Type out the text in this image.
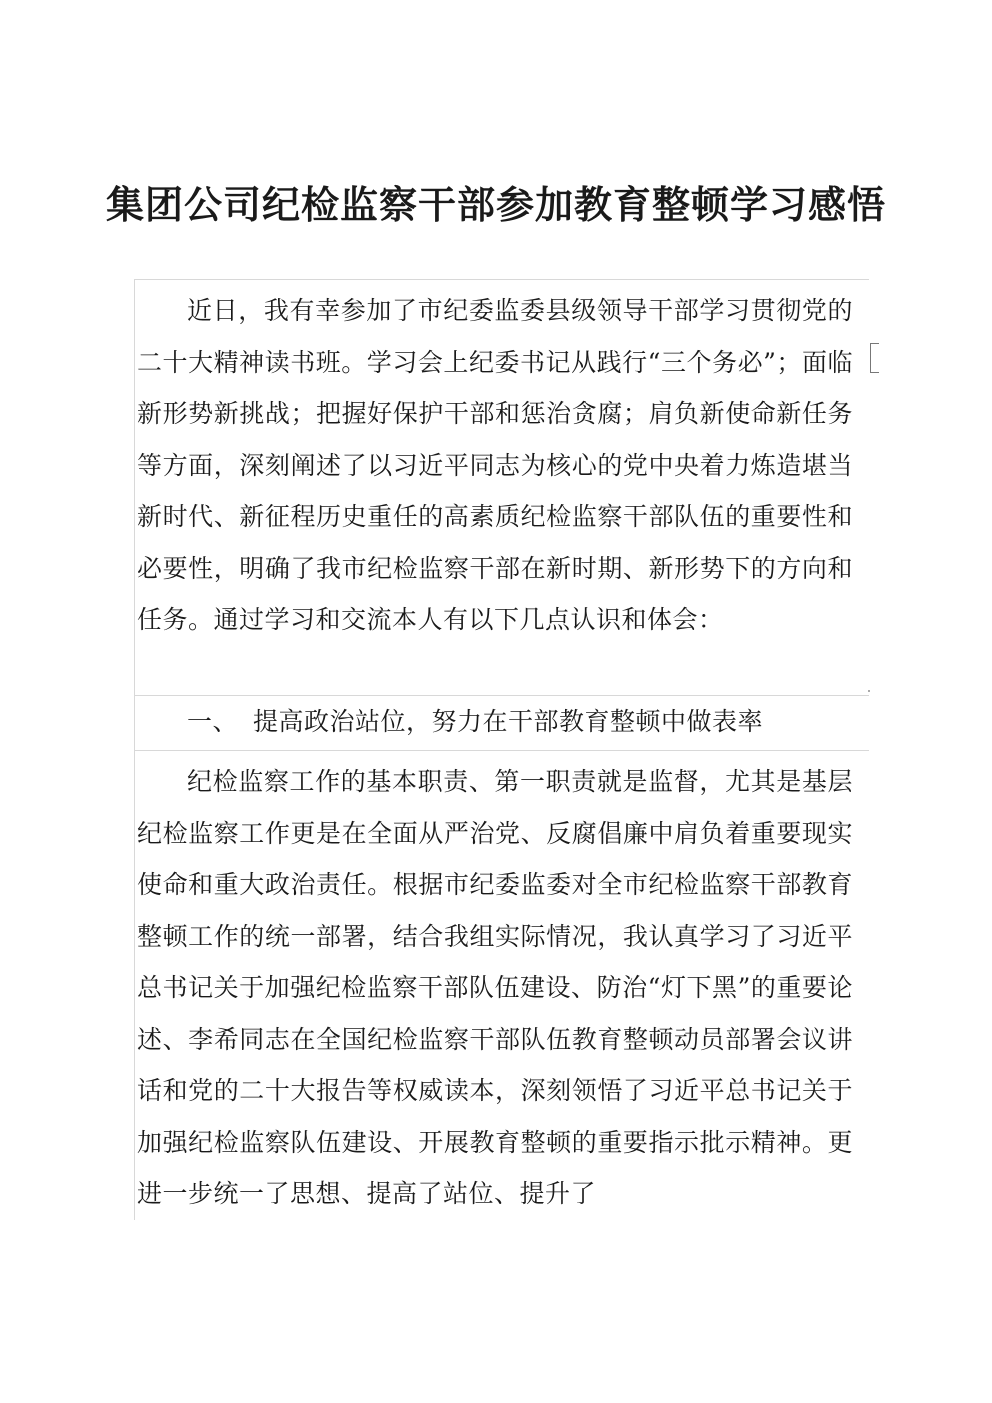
集团公司纪检监察干部参加教育整顿学习感悟

近日，我有幸参加了市纪委监委县级领导干部学习贯彻党的二十大精神读书班。学习会上纪委书记从践行“三个务必”；面临新形势新挑战；把握好保护干部和惩治贪腐；肩负新使命新任务等方面，深刻阐述了以习近平同志为核心的党中央着力炼造堪当新时代、新征程历史重任的高素质纪检监察干部队伍的重要性和必要性，明确了我市纪检监察干部在新时期、新形势下的方向和任务。通过学习和交流本人有以下几点认识和体会：

一、 提高政治站位，努力在干部教育整顿中做表率

纪检监察工作的基本职责、第一职责就是监督，尤其是基层纪检监察工作更是在全面从严治党、反腐倡廉中肩负着重要现实使命和重大政治责任。根据市纪委监委对全市纪检监察干部教育整顿工作的统一部署，结合我组实际情况，我认真学习了习近平总书记关于加强纪检监察干部队伍建设、防治“灯下黑”的重要论述、李希同志在全国纪检监察干部队伍教育整顿动员部署会议讲话和党的二十大报告等权威读本，深刻领悟了习近平总书记关于加强纪检监察队伍建设、开展教育整顿的重要指示批示精神。更进一步统一了思想、提高了站位、提升了
